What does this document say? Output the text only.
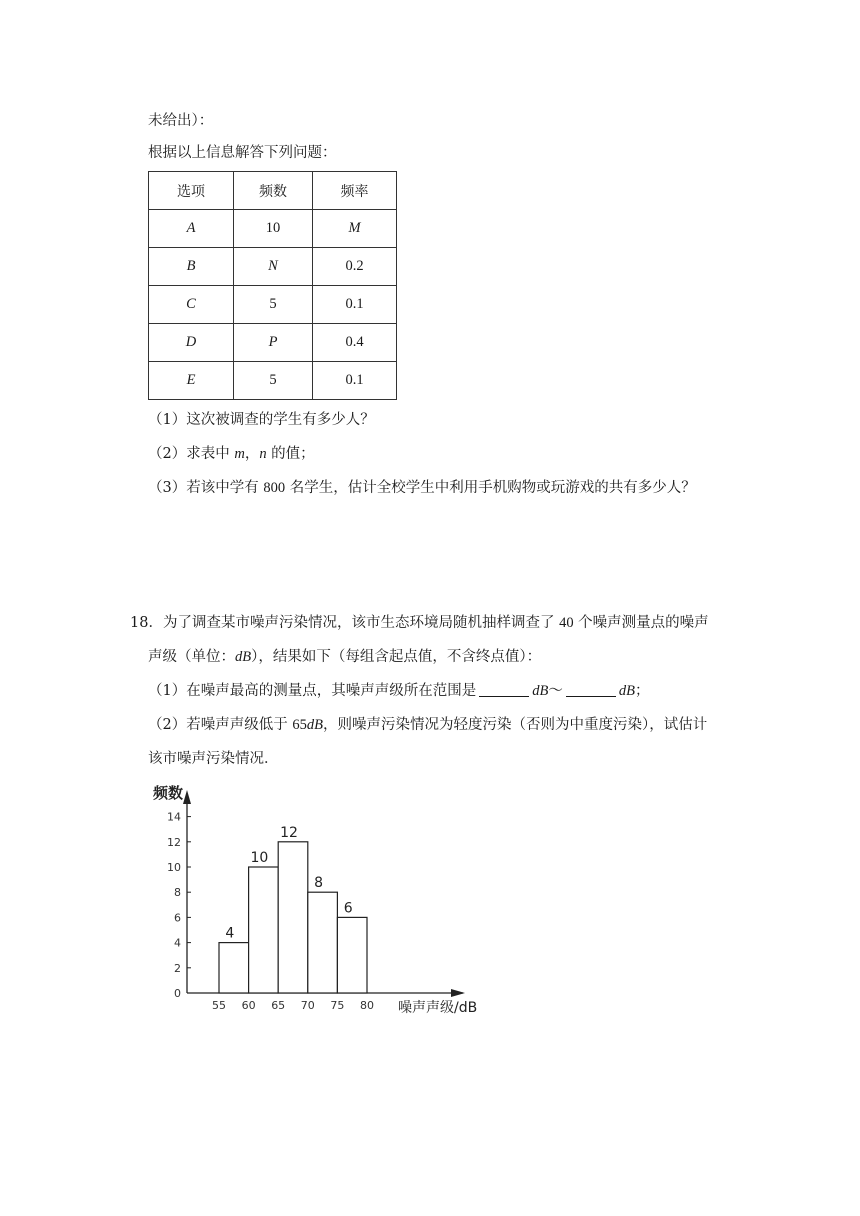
未给出）：
根据以上信息解答下列问题：
选项	频数	频率
A	10	M
B	N	0.2
C	5	0.1
D	P	0.4
E	5	0.1
（1）这次被调查的学生有多少人？
（2）求表中 m，n 的值；
（3）若该中学有 800 名学生，估计全校学生中利用手机购物或玩游戏的共有多少人？
18．为了调查某市噪声污染情况，该市生态环境局随机抽样调查了 40 个噪声测量点的噪声
声级（单位：dB），结果如下（每组含起点值，不含终点值）：
（1）在噪声最高的测量点，其噪声声级所在范围是	dB～	dB；
（2）若噪声声级低于 65dB，则噪声污染情况为轻度污染（否则为中重度污染），试估计
该市噪声污染情况．
0
2
4
6
8
10
12
14
55 60 65 70 75 80
4
10
12
8
6
频数
噪声声级/dB
